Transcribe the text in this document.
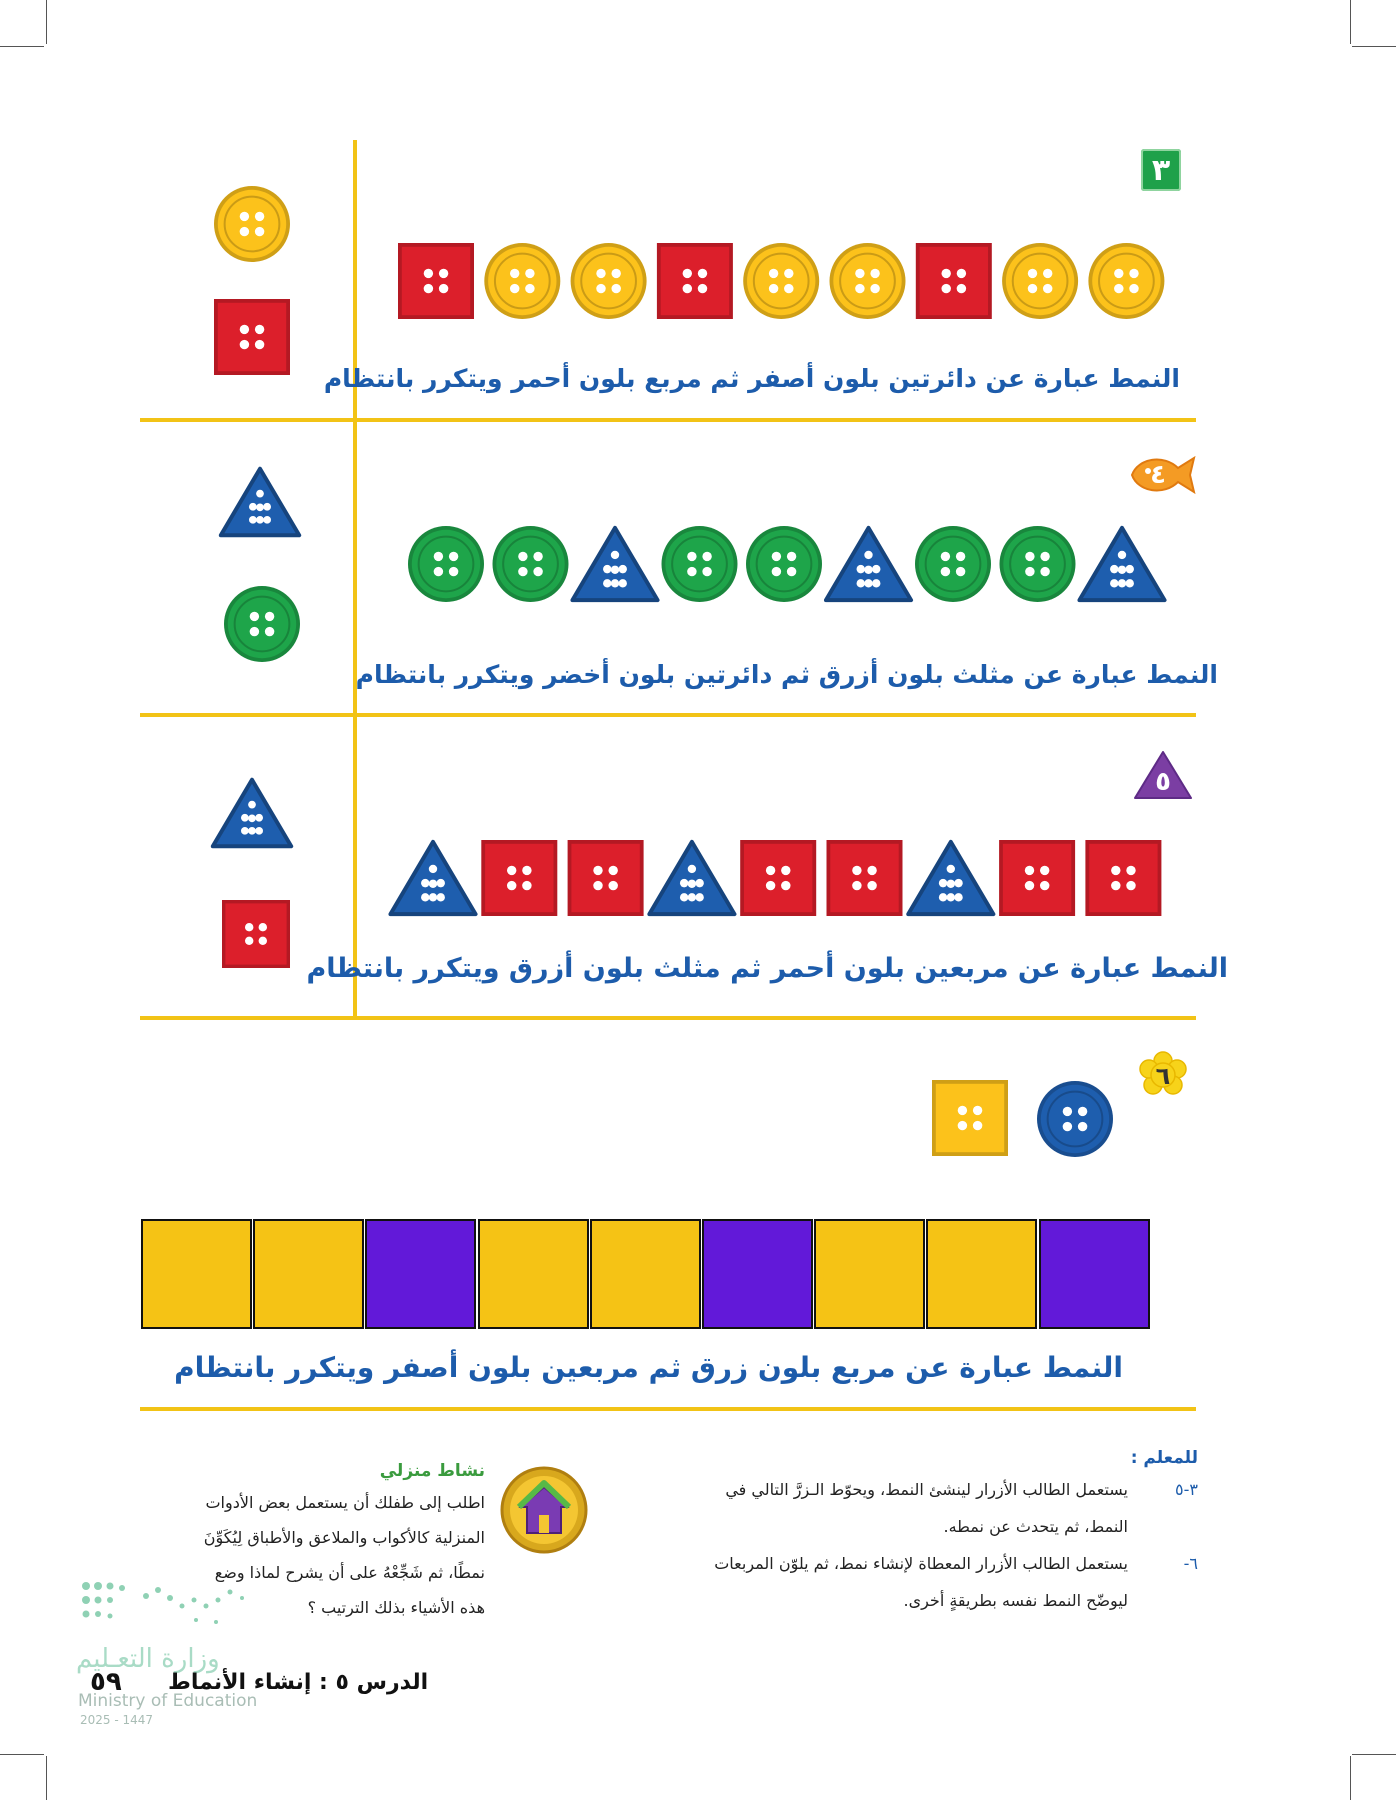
٣
النمط عبارة عن دائرتين بلون أصفر ثم مربع بلون أحمر ويتكرر بانتظام
٤
النمط عبارة عن مثلث بلون أزرق ثم دائرتين بلون أخضر ويتكرر بانتظام
٥
النمط عبارة عن مربعين بلون أحمر ثم مثلث بلون أزرق ويتكرر بانتظام
٦
النمط عبارة عن مربع بلون زرق ثم مربعين بلون أصفر ويتكرر بانتظام
للمعلم :
٣-٥
يستعمل الطالب الأزرار لينشئ النمط، ويحوّط الـزرَّ التالي في
النمط، ثم يتحدث عن نمطه.
٦-
يستعمل الطالب الأزرار المعطاة لإنشاء نمط، ثم يلوّن المربعات
ليوضّح النمط نفسه بطريقةٍ أخرى.
نشاط منزلي
اطلب إلى طفلك أن يستعمل بعض الأدوات
المنزلية كالأكواب والملاعق والأطباق لِيُكَوِّنَ
نمطًا، ثم شَجِّعْهُ على أن يشرح لماذا وضع
هذه الأشياء بذلك الترتيب ؟
وزارة التعـليم
Ministry of Education
2025 - 1447
٥٩ الدرس ٥ : إنشاء الأنماط
